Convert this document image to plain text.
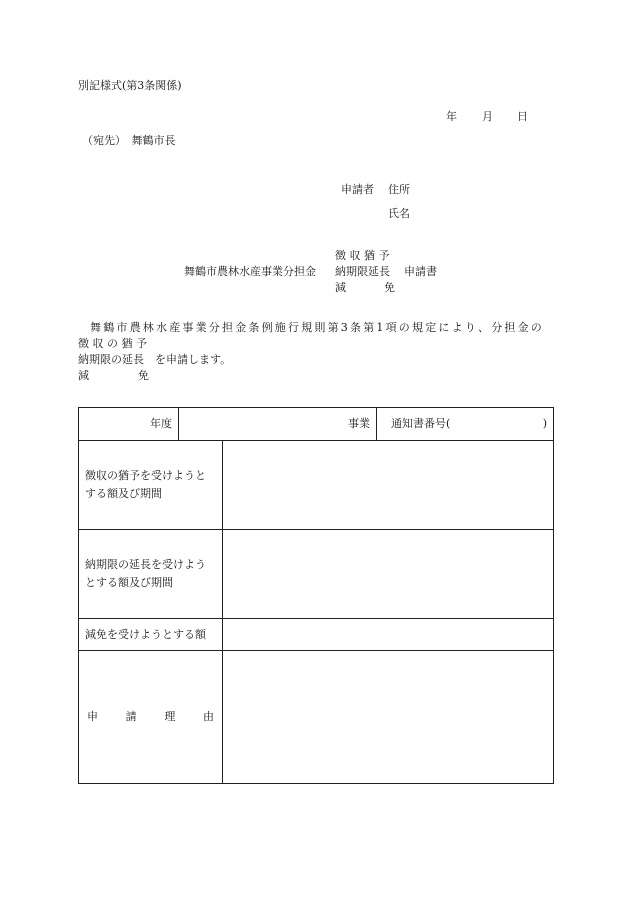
別記様式(第3条関係)
年 月 日
（宛先）　舞鶴市長
申請者 住所
氏名
徴 収 猶 予
舞鶴市農林水産事業分担金 納期限延長 申請書
減	免
舞鶴市農林水産事業分担金条例施行規則第3条第1項の規定により、分担金の
徴 収 の 猶 予
納期限の延長　を申請します。
減	免
年度	事業		通知書番号( )

徴収の猶予を受けようとする額及び期間			
納期限の延長を受けようとする額及び期間			
減免を受けようとする額			

申 請 理 由			
